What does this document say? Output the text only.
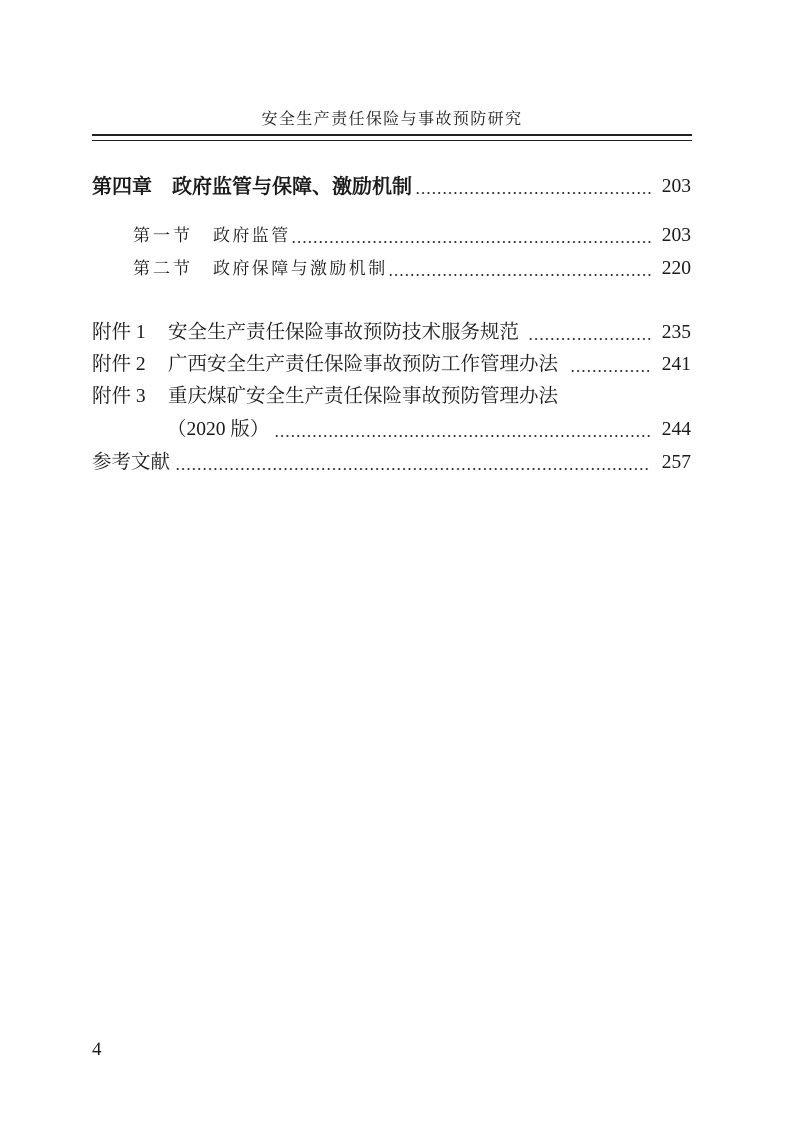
安全生产责任保险与事故预防研究
第四章	政府监管与保障、激励机制	203
第一节	政府监管	203
第二节	政府保障与激励机制	220
附件 1	安全生产责任保险事故预防技术服务规范	235
附件 2	广西安全生产责任保险事故预防工作管理办法	241
附件 3	重庆煤矿安全生产责任保险事故预防管理办法
（2020 版）	244
参考文献	257
4
